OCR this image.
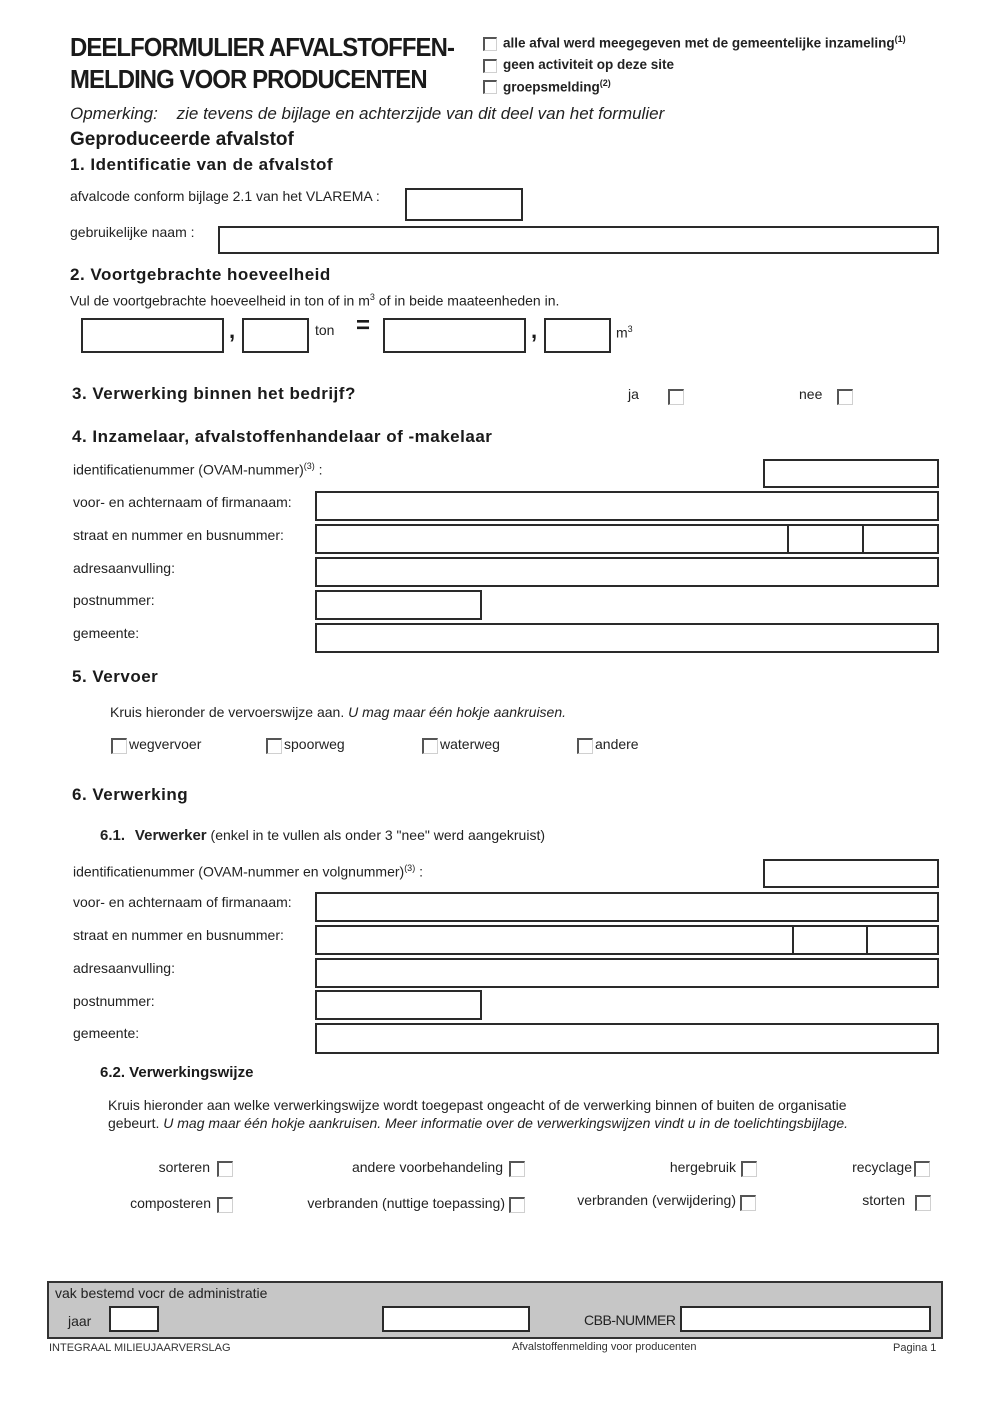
DEELFORMULIER AFVALSTOFFEN-
MELDING VOOR PRODUCENTEN
alle afval werd meegegeven met de gemeentelijke inzameling$^{(1)}$
geen activiteit op deze site
groepsmelding$^{(2)}$
Opmerking: zie tevens de bijlage en achterzijde van dit deel van het formulier
Geproduceerde afvalstof
1. Identificatie van de afvalstof
afvalcode conform bijlage 2.1 van het VLAREMA :
gebruikelijke naam :
2. Voortgebrachte hoeveelheid
Vul de voortgebrachte hoeveelheid in ton of in $m^3$ of in beide maateenheden in.
,	ton =	,	$m^3$
3. Verwerking binnen het bedrijf?	ja	nee
4. Inzamelaar, afvalstoffenhandelaar of -makelaar
identificatienummer (OVAM-nummer)$^{(3)}$ :
voor- en achternaam of firmanaam:
straat en nummer en busnummer:
adresaanvulling:
postnummer:
gemeente:
5. Vervoer
Kruis hieronder de vervoerswijze aan. U mag maar één hokje aankruisen.
wegvervoer	spoorweg	waterweg	andere
6. Verwerking
6.1. Verwerker (enkel in te vullen als onder 3 "nee" werd aangekruist)
identificatienummer (OVAM-nummer en volgnummer)$^{(3)}$ :
voor- en achternaam of firmanaam:
straat en nummer en busnummer:
adresaanvulling:
postnummer:
gemeente:
6.2. Verwerkingswijze
Kruis hieronder aan welke verwerkingswijze wordt toegepast ongeacht of de verwerking binnen of buiten de organisatie
gebeurt. U mag maar één hokje aankruisen. Meer informatie over de verwerkingswijzen vindt u in de toelichtingsbijlage.
sorteren	andere voorbehandeling	hergebruik	recyclage
composteren	verbranden (nuttige toepassing)	verbranden (verwijdering)	storten
vak bestemd vocr de administratie
jaar	CBB-NUMMER
INTEGRAAL MILIEUJAARVERSLAG	Afvalstoffenmelding voor producenten	Pagina 1
